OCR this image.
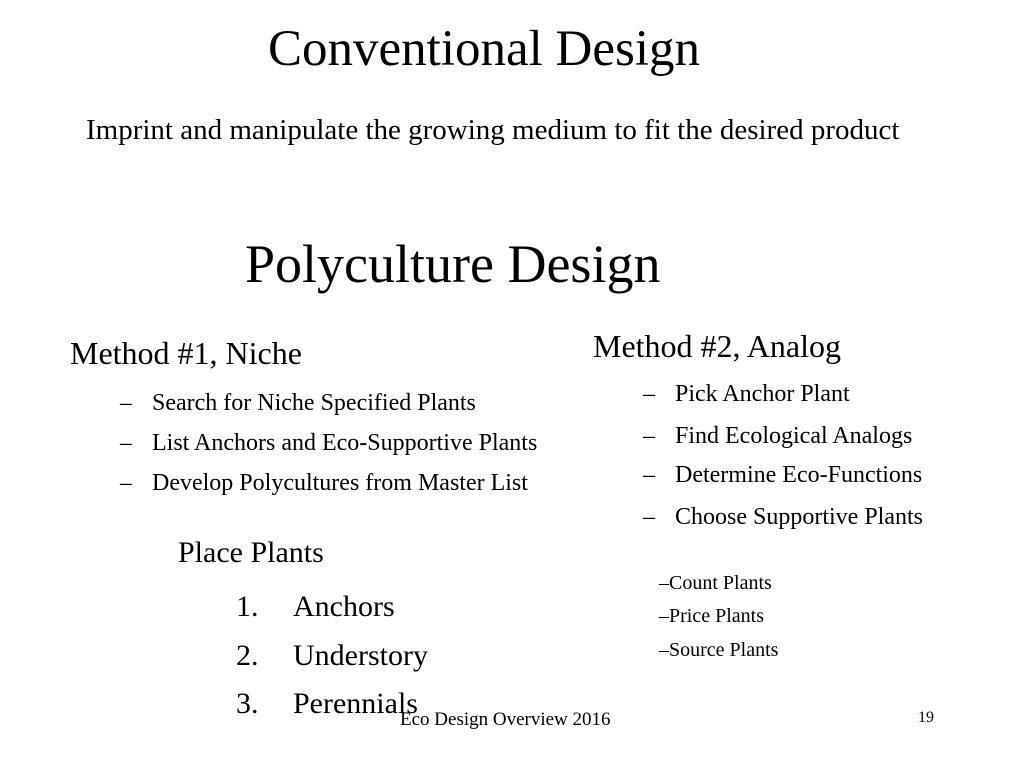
Conventional Design
Imprint and manipulate the growing medium to fit the desired product
Polyculture Design
Method #1, Niche
– Search for Niche Specified Plants
– List Anchors and Eco-Supportive Plants
– Develop Polycultures from Master List
Method #2, Analog
– Pick Anchor Plant
– Find Ecological Analogs
– Determine Eco-Functions
– Choose Supportive Plants
–Count Plants
–Price Plants
–Source Plants
Place Plants
1. Anchors
2. Understory
3. Perennials
Eco Design Overview 2016	19
